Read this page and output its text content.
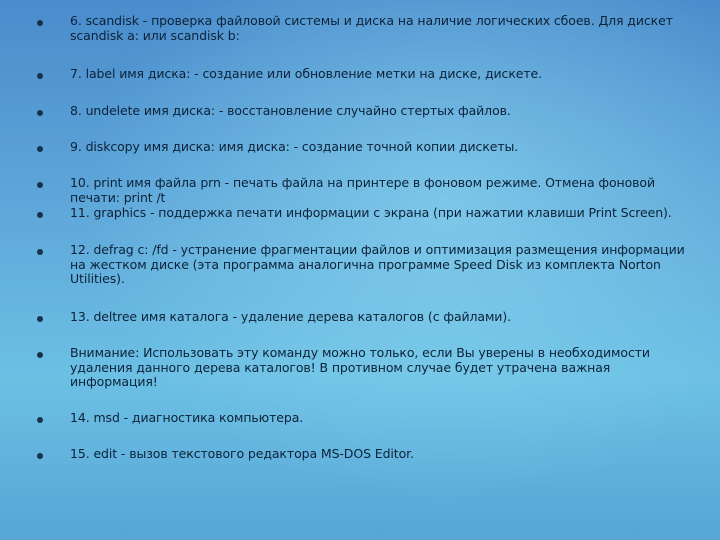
6. scandisk - проверка файловой системы и диска на наличие логических сбоев. Для дискет scandisk a: или scandisk b:
7. label имя диска: - создание или обновление метки на диске, дискете.
8. undelete имя диска: - восстановление случайно стертых файлов.
9. diskcopy имя диска: имя диска: - создание точной копии дискеты.
10. print имя файла prn - печать файла на принтере в фоновом режиме. Отмена фоновой печати: print /t
11. graphics - поддержка печати информации с экрана (при нажатии клавиши Print Screen).
12. defrag c: /fd - устранение фрагментации файлов и оптимизация размещения информации на жестком диске (эта программа аналогична программе Speed Disk из комплекта Norton Utilities).
13. deltree имя каталога - удаление дерева каталогов (с файлами).
Внимание: Использовать эту команду можно только, если Вы уверены в необходимости удаления данного дерева каталогов! В противном случае будет утрачена важная информация!
14. msd - диагностика компьютера.
15. edit - вызов текстового редактора MS-DOS Editor.
